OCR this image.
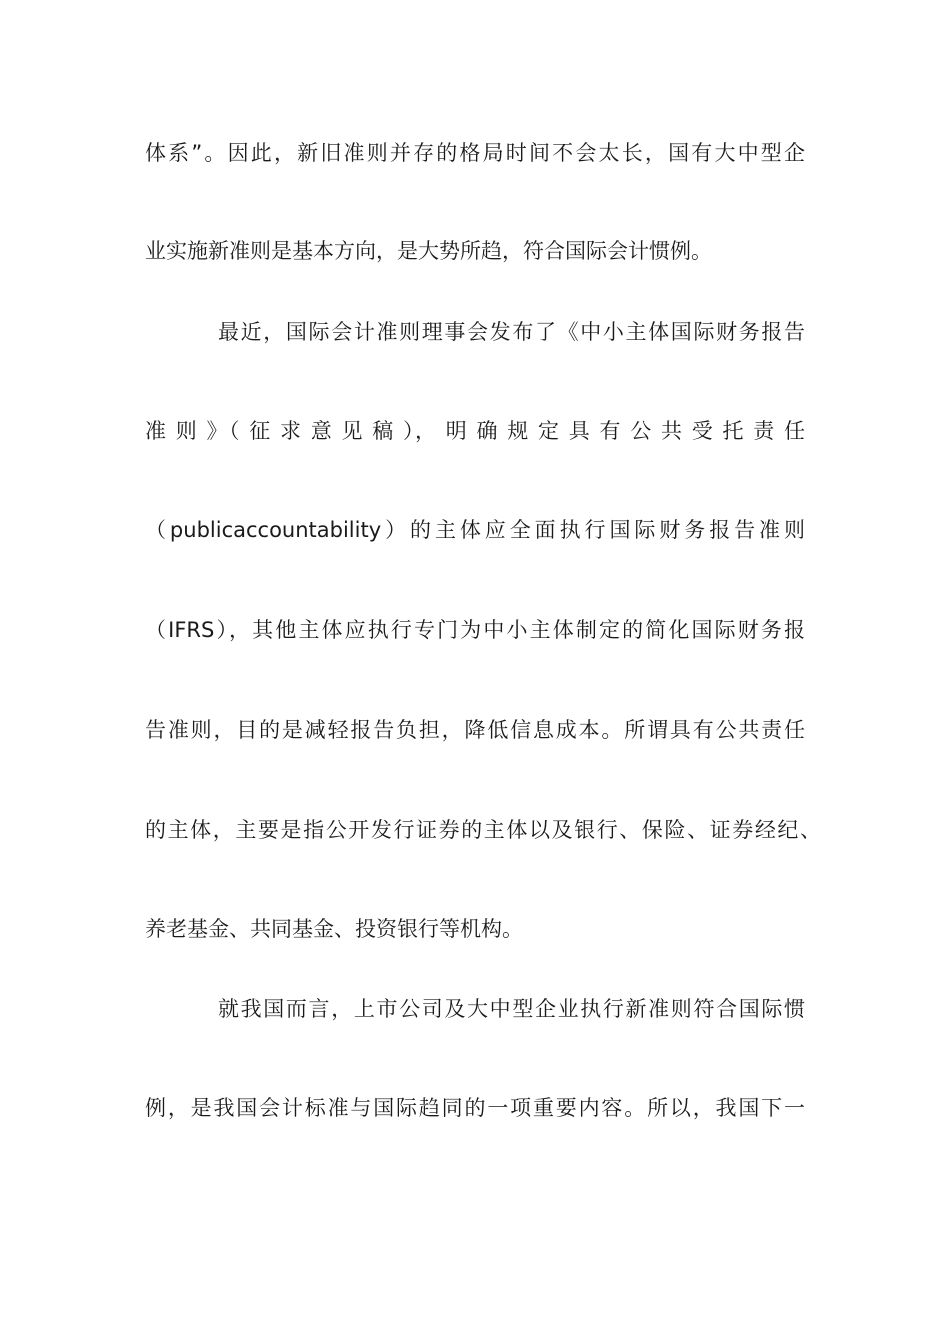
体系”。因此，新旧准则并存的格局时间不会太长，国有大中型企
业实施新准则是基本方向，是大势所趋，符合国际会计惯例。
最近，国际会计准则理事会发布了《中小主体国际财务报告
准 则 》（ 征 求 意 见 稿 ）， 明 确 规 定 具 有 公 共 受 托 责 任
（publicaccountability）的主体应全面执行国际财务报告准则
（IFRS），其他主体应执行专门为中小主体制定的简化国际财务报
告准则，目的是减轻报告负担，降低信息成本。所谓具有公共责任
的主体，主要是指公开发行证券的主体以及银行、保险、证券经纪、
养老基金、共同基金、投资银行等机构。
就我国而言，上市公司及大中型企业执行新准则符合国际惯
例，是我国会计标准与国际趋同的一项重要内容。所以，我国下一
